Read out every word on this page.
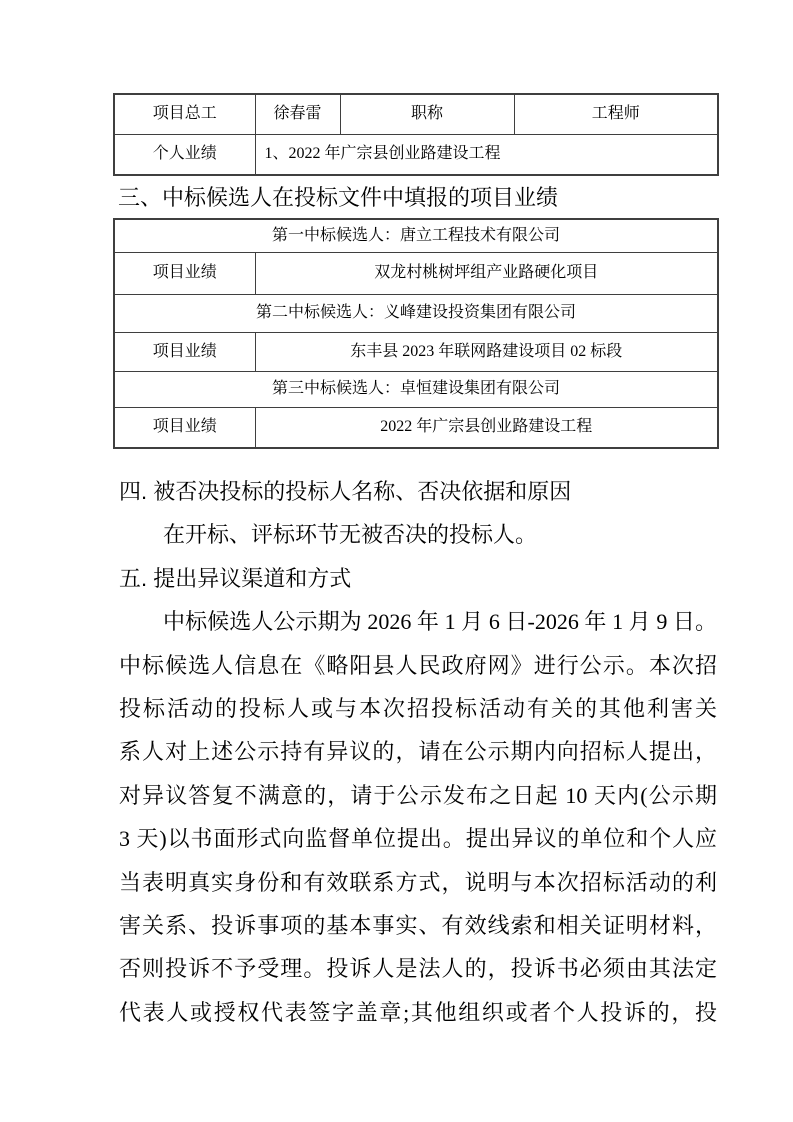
项目总工	徐春雷	职称	工程师
个人业绩	1、2022 年广宗县创业路建设工程		
三、中标候选人在投标文件中填报的项目业绩
第一中标候选人：唐立工程技术有限公司	
项目业绩	双龙村桃树坪组产业路硬化项目
第二中标候选人：义峰建设投资集团有限公司	
项目业绩	东丰县 2023 年联网路建设项目 02 标段
第三中标候选人：卓恒建设集团有限公司	
项目业绩	2022 年广宗县创业路建设工程
四. 被否决投标的投标人名称、否决依据和原因
在开标、评标环节无被否决的投标人。
五. 提出异议渠道和方式
中标候选人公示期为 2026 年 1 月 6 日-2026 年 1 月 9 日。
中标候选人信息在《略阳县人民政府网》进行公示。本次招
投标活动的投标人或与本次招投标活动有关的其他利害关
系人对上述公示持有异议的，请在公示期内向招标人提出，
对异议答复不满意的，请于公示发布之日起 10 天内(公示期
3 天)以书面形式向监督单位提出。提出异议的单位和个人应
当表明真实身份和有效联系方式，说明与本次招标活动的利
害关系、投诉事项的基本事实、有效线索和相关证明材料，
否则投诉不予受理。投诉人是法人的，投诉书必须由其法定
代表人或授权代表签字盖章;其他组织或者个人投诉的，投
